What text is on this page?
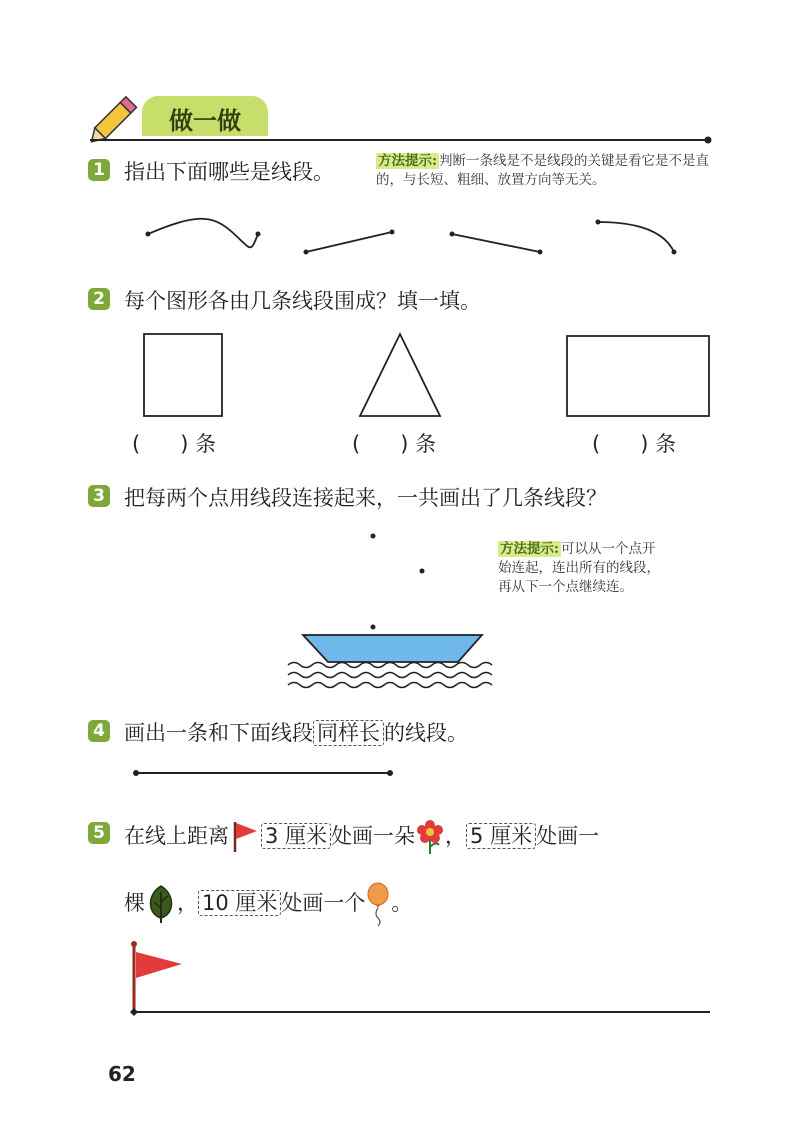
做一做
1 指出下面哪些是线段。	方法提示: 判断一条线是不是线段的关键是看它是不是直的，与长短、粗细、放置方向等无关。
2 每个图形各由几条线段围成？填一填。
( ) 条	( ) 条	( ) 条
3 把每两个点用线段连接起来，一共画出了几条线段？
方法提示: 可以从一个点开
始连起，连出所有的线段，
再从下一个点继续连。
4 画出一条和下面线段 同样长 的线段。
5 在线上距离 3 厘米 处画一朵 ， 5 厘米 处画一
棵 ， 10 厘米 处画一个 。
62
